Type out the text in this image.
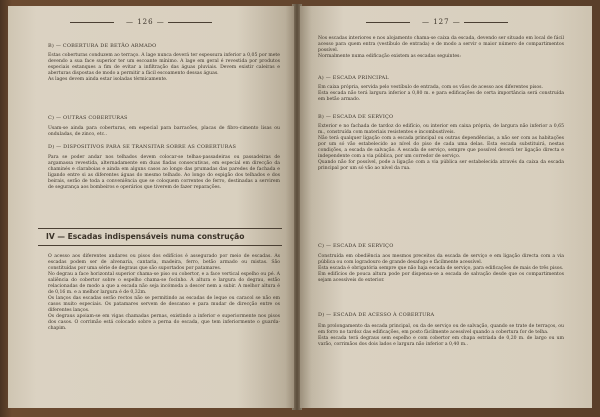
— 126 —
B) — COBERTURA DE BETÃO ARMADO
Estas coberturas conduzem ao terraço. A lage nunca deverá ter espessura inferior a 0,05 por mete devendo a sua face superior ter um escoante mínimo. A lage em geral é revestida por produtos especiais estanques a fim de evitar a infiltração das águas pluviais. Devem existir caleiras e aberturas dispostas de modo a permitir a fácil escoamento dessas águas.
As lages devem ainda estar isoladas tèrmicamente.
C) — OUTRAS COBERTURAS
Usam-se ainda para coberturas, em especial para barracões, placas de fibro-cimento lisas ou onduladas, de zinco, etc..
D) — DISPOSITIVOS PARA SE TRANSITAR SOBRE AS COBERTURAS
Para se poder andar nos telhados devem colocar-se telhas-passadeiras ou passadeiras de argamassa revestida, alternadamente em duas fiadas consecutivas, em especial em direcção da chaminés e claraboias e ainda em alguns casos ao longo das prumadas das paredes de fachada e ligando entre si as diferentes águas do mesmo telhado. Ao longo do espigão dos telhados e dos beirais, serão de toda a conveniência que se coloquem correntes de ferro, destinadas a servirem de segurança aos bombeiros e operários que tiverem de fazer reparações.
IV — Escadas indispensáveis numa construção
O acesso aos diferentes andares ou pisos dos edifícios é assegurado por meio de escadas. As escadas podem ser de alvenaria, cantaria, madeira, ferro, betão armado ou mistas. São constituídas por uma série de degraus que são suportados por patamares.
No degrau a face horizontal superior chama-se piso ou cobertor, e a face vertical espelho ou pé. A saliência do cobertor sobre o espelho chama-se focinho. A altura e largura do degrau, estão relacionadas de modo a que a escada não seja incómoda a descer nem a subir. A melhor altura é de 0,16 m. e a melhor largura é de 0,32m.
Os lanços das escadas serão rectos não se permitindo as escadas de leque ou caracol se não em casos muito especiais. Os patamares servem de descanso e para mudar de direcção entre os diferentes lanços.
Os degraus apoiam-se em vigas chamadas pernas, existindo a inferior e superiormente nos pisos dos casos. O corrimão está colocado sobre a perna do escada, que tem inferiormente o guarda-chapim.
— 127 —
Nos escadas interiores e nos alojamento chama-se caixa da escada, devendo ser situado em local de fácil acesso para quem entra (vestíbulo de entrada) e de modo a servir o maior número de compartimentos possível.
Normalmente numa edificação existem as escadas seguintes:
A) — ESCADA PRINCIPAL
Em caixa própria, servida pelo vestíbulo de entrada, com os vãos de acesso aos diferentes pisos.
Esta escada não terá largura inferior a 0,80 m. e para edificações de certa importância será construída em betão armado.
B) — ESCADA DE SERVIÇO
Exterior e no fachada de tardoz do edifício, ou interior em caixa própria, de largura não inferior a 0,65 m., construída com materiais resistentes e incombustíveis.
Não terá qualquer ligação com a escada principal ou outras dependências, a não ser com as habitações por um só vão estabelecido ao nível do piso de cada uma delas. Esta escada substituirá, nestas condições, a escada de salvação. A escada de serviço, sempre que possível deverá ter ligação directa e independente com a via pública, por um corredor de serviço.
Quando não for possível, pode a ligação com a via pública ser estabelecida através da caixa da escada principal por um só vão ao nível da rua.
C) — ESCADA DE SERVIÇO
Construída em obediência aos mesmos preceitos da escada de serviço e em ligação directa com a via pública ou com logradouro de grande desafogo e fàcilmente acessível.
Esta escada é obrigatória sempre que não haja escada de serviço, para edificações de mais de três pisos.
Em edifícios de pouca altura pode por dispensa-se a escada de salvação desde que os compartimentos sejam acessíveis do exterior.
D) — ESCADA DE ACESSO À COBERTURA
Em prolongamento da escada principal, ou da de serviço ou de salvação, quando se trate de terraços, ou em forro no tardoz das edificações, em posto fàcilmente acessível quando a cobertura for de telha.
Esta escada terá degraus sem espelho e com cobertor em chapa estriada de 0,20 m. de largo ou um varão, corrimãos dos dois lados e largura não inferior a 0,40 m..
